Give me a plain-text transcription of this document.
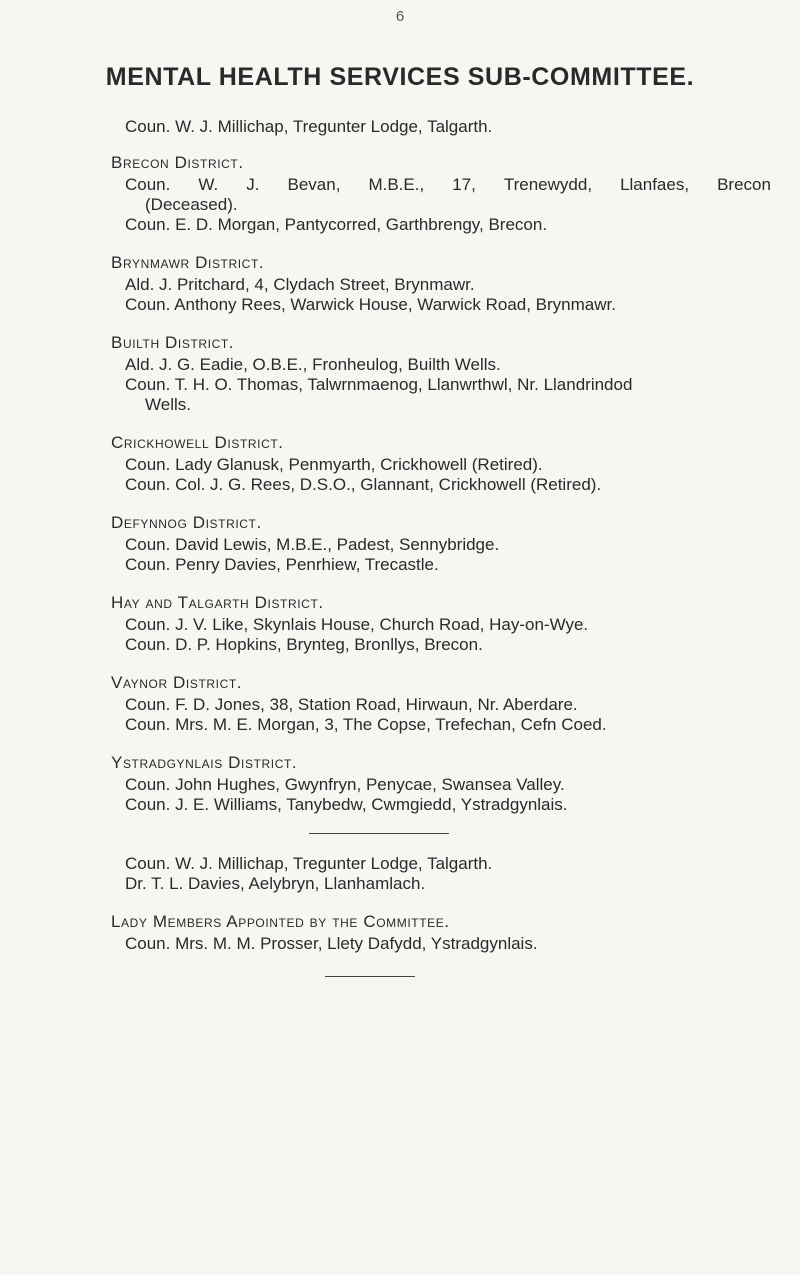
6
MENTAL HEALTH SERVICES SUB-COMMITTEE.
Coun. W. J. Millichap, Tregunter Lodge, Talgarth.
Brecon District.
Coun. W. J. Bevan, M.B.E., 17, Trenewydd, Llanfaes, Brecon
(Deceased).
Coun. E. D. Morgan, Pantycorred, Garthbrengy, Brecon.
Brynmawr District.
Ald. J. Pritchard, 4, Clydach Street, Brynmawr.
Coun. Anthony Rees, Warwick House, Warwick Road, Brynmawr.
Builth District.
Ald. J. G. Eadie, O.B.E., Fronheulog, Builth Wells.
Coun. T. H. O. Thomas, Talwrnmaenog, Llanwrthwl, Nr. Llandrindod
Wells.
Crickhowell District.
Coun. Lady Glanusk, Penmyarth, Crickhowell (Retired).
Coun. Col. J. G. Rees, D.S.O., Glannant, Crickhowell (Retired).
Defynnog District.
Coun. David Lewis, M.B.E., Padest, Sennybridge.
Coun. Penry Davies, Penrhiew, Trecastle.
Hay and Talgarth District.
Coun. J. V. Like, Skynlais House, Church Road, Hay-on-Wye.
Coun. D. P. Hopkins, Brynteg, Bronllys, Brecon.
Vaynor District.
Coun. F. D. Jones, 38, Station Road, Hirwaun, Nr. Aberdare.
Coun. Mrs. M. E. Morgan, 3, The Copse, Trefechan, Cefn Coed.
Ystradgynlais District.
Coun. John Hughes, Gwynfryn, Penycae, Swansea Valley.
Coun. J. E. Williams, Tanybedw, Cwmgiedd, Ystradgynlais.
Coun. W. J. Millichap, Tregunter Lodge, Talgarth.
Dr. T. L. Davies, Aelybryn, Llanhamlach.
Lady Members Appointed by the Committee.
Coun. Mrs. M. M. Prosser, Llety Dafydd, Ystradgynlais.
